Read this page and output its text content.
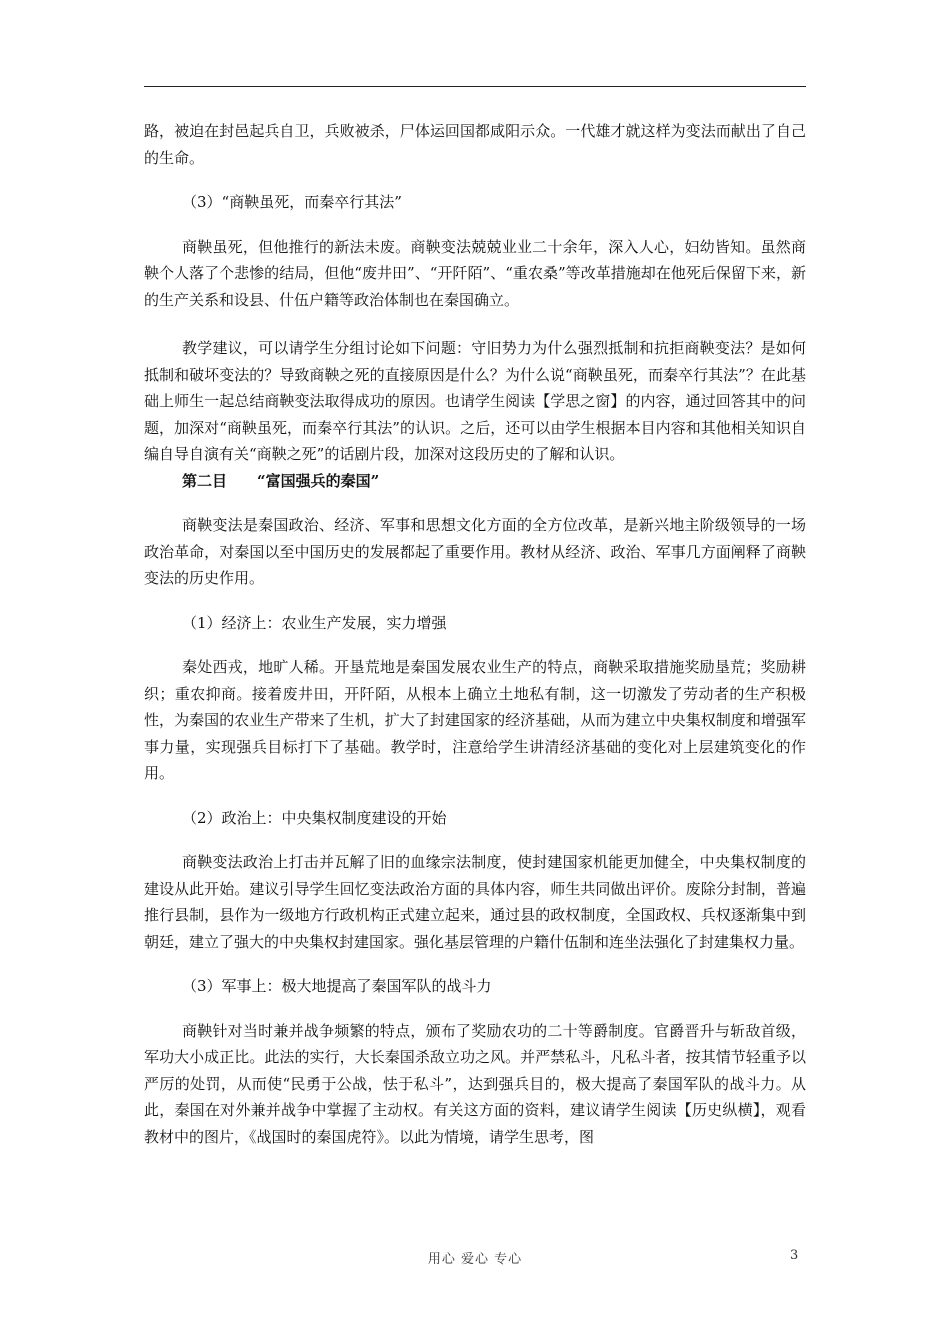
路，被迫在封邑起兵自卫，兵败被杀，尸体运回国都咸阳示众。一代雄才就这样为变法而献出了自己的生命。

（3）“商鞅虽死，而秦卒行其法”

商鞅虽死，但他推行的新法未废。商鞅变法兢兢业业二十余年，深入人心，妇幼皆知。虽然商鞅个人落了个悲惨的结局，但他“废井田”、“开阡陌”、“重农桑”等改革措施却在他死后保留下来，新的生产关系和设县、什伍户籍等政治体制也在秦国确立。

教学建议，可以请学生分组讨论如下问题：守旧势力为什么强烈抵制和抗拒商鞅变法？是如何抵制和破坏变法的？导致商鞅之死的直接原因是什么？为什么说“商鞅虽死，而秦卒行其法”？在此基础上师生一起总结商鞅变法取得成功的原因。也请学生阅读【学思之窗】的内容，通过回答其中的问题，加深对“商鞅虽死，而秦卒行其法”的认识。之后，还可以由学生根据本目内容和其他相关知识自编自导自演有关“商鞅之死”的话剧片段，加深对这段历史的了解和认识。

第二目 “富国强兵的秦国”

商鞅变法是秦国政治、经济、军事和思想文化方面的全方位改革，是新兴地主阶级领导的一场政治革命，对秦国以至中国历史的发展都起了重要作用。教材从经济、政治、军事几方面阐释了商鞅变法的历史作用。

（1）经济上：农业生产发展，实力增强

秦处西戎，地旷人稀。开垦荒地是秦国发展农业生产的特点，商鞅采取措施奖励垦荒；奖励耕织；重农抑商。接着废井田，开阡陌，从根本上确立土地私有制，这一切激发了劳动者的生产积极性，为秦国的农业生产带来了生机，扩大了封建国家的经济基础，从而为建立中央集权制度和增强军事力量，实现强兵目标打下了基础。教学时，注意给学生讲清经济基础的变化对上层建筑变化的作用。

（2）政治上：中央集权制度建设的开始

商鞅变法政治上打击并瓦解了旧的血缘宗法制度，使封建国家机能更加健全，中央集权制度的建设从此开始。建议引导学生回忆变法政治方面的具体内容，师生共同做出评价。废除分封制，普遍推行县制，县作为一级地方行政机构正式建立起来，通过县的政权制度，全国政权、兵权逐渐集中到朝廷，建立了强大的中央集权封建国家。强化基层管理的户籍什伍制和连坐法强化了封建集权力量。

（3）军事上：极大地提高了秦国军队的战斗力

商鞅针对当时兼并战争频繁的特点，颁布了奖励农功的二十等爵制度。官爵晋升与斩敌首级，军功大小成正比。此法的实行，大长秦国杀敌立功之风。并严禁私斗，凡私斗者，按其情节轻重予以严厉的处罚，从而使“民勇于公战，怯于私斗”，达到强兵目的，极大提高了秦国军队的战斗力。从此，秦国在对外兼并战争中掌握了主动权。有关这方面的资料，建议请学生阅读【历史纵横】，观看教材中的图片，《战国时的秦国虎符》。以此为情境，请学生思考，图

用心 爱心 专心	3
